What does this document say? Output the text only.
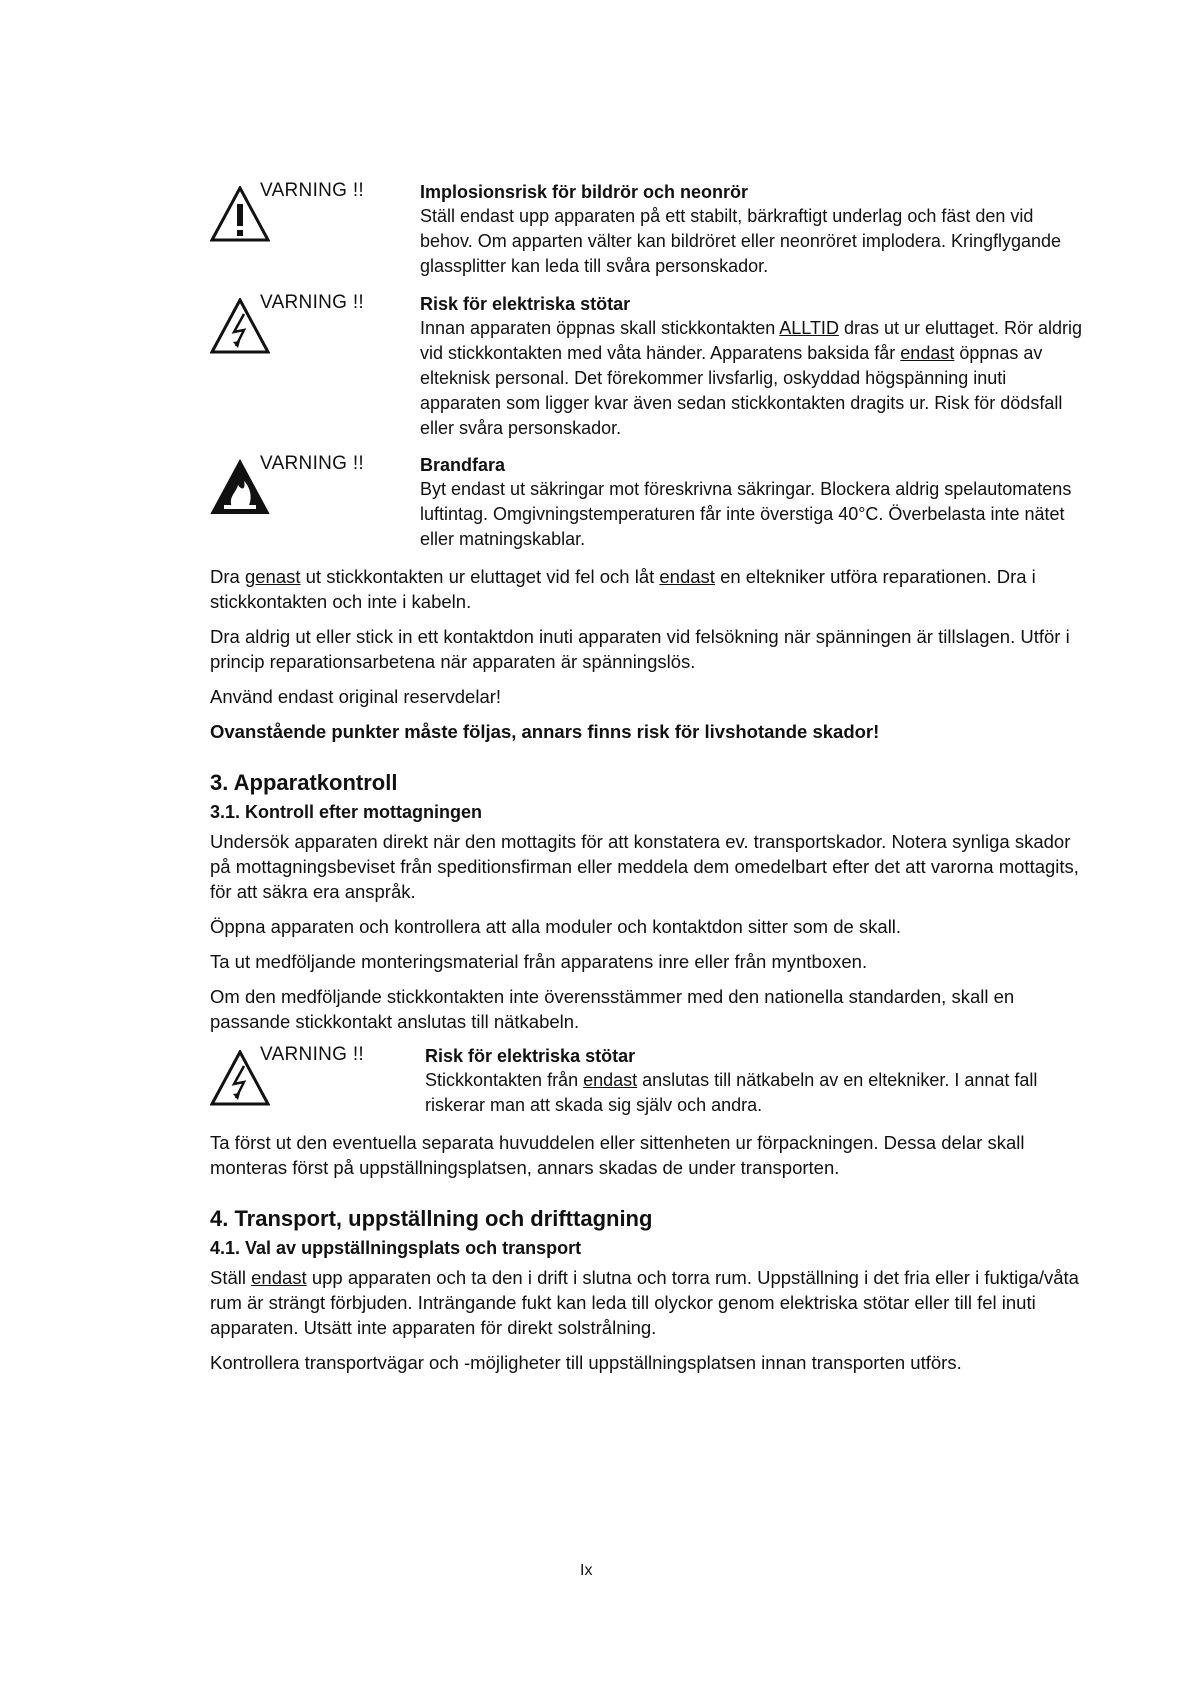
VARNING !!	Implosionsrisk för bildrör och neonrör
Ställ endast upp apparaten på ett stabilt, bärkraftigt underlag och fäst den vid behov. Om apparten välter kan bildröret eller neonröret implodera. Kringflygande glassplitter kan leda till svåra personskador.
VARNING !!	Risk för elektriska stötar
Innan apparaten öppnas skall stickkontakten ALLTID dras ut ur eluttaget. Rör aldrig vid stickkontakten med våta händer. Apparatens baksida får endast öppnas av elteknisk personal. Det förekommer livsfarlig, oskyddad högspänning inuti apparaten som ligger kvar även sedan stickkontakten dragits ur. Risk för dödsfall eller svåra personskador.
VARNING !!	Brandfara
Byt endast ut säkringar mot föreskrivna säkringar. Blockera aldrig spelautomatens luftintag. Omgivningstemperaturen får inte överstiga 40°C. Överbelasta inte nätet eller matningskablar.

Dra genast ut stickkontakten ur eluttaget vid fel och låt endast en eltekniker utföra reparationen. Dra i stickkontakten och inte i kabeln.

Dra aldrig ut eller stick in ett kontaktdon inuti apparaten vid felsökning när spänningen är tillslagen. Utför i princip reparationsarbetena när apparaten är spänningslös.

Använd endast original reservdelar!

Ovanstående punkter måste följas, annars finns risk för livshotande skador!

3. Apparatkontroll
3.1. Kontroll efter mottagningen

Undersök apparaten direkt när den mottagits för att konstatera ev. transportskador. Notera synliga skador på mottagningsbeviset från speditionsfirman eller meddela dem omedelbart efter det att varorna mottagits, för att säkra era anspråk.

Öppna apparaten och kontrollera att alla moduler och kontaktdon sitter som de skall.

Ta ut medföljande monteringsmaterial från apparatens inre eller från myntboxen.

Om den medföljande stickkontakten inte överensstämmer med den nationella standarden, skall en passande stickkontakt anslutas till nätkabeln.

VARNING !!	Risk för elektriska stötar
Stickkontakten från endast anslutas till nätkabeln av en eltekniker. I annat fall riskerar man att skada sig själv och andra.

Ta först ut den eventuella separata huvuddelen eller sittenheten ur förpackningen. Dessa delar skall monteras först på uppställningsplatsen, annars skadas de under transporten.

4. Transport, uppställning och drifttagning
4.1. Val av uppställningsplats och transport

Ställ endast upp apparaten och ta den i drift i slutna och torra rum. Uppställning i det fria eller i fuktiga/våta rum är strängt förbjuden. Inträngande fukt kan leda till olyckor genom elektriska stötar eller till fel inuti apparaten. Utsätt inte apparaten för direkt solstrålning.

Kontrollera transportvägar och -möjligheter till uppställningsplatsen innan transporten utförs.

Ix
